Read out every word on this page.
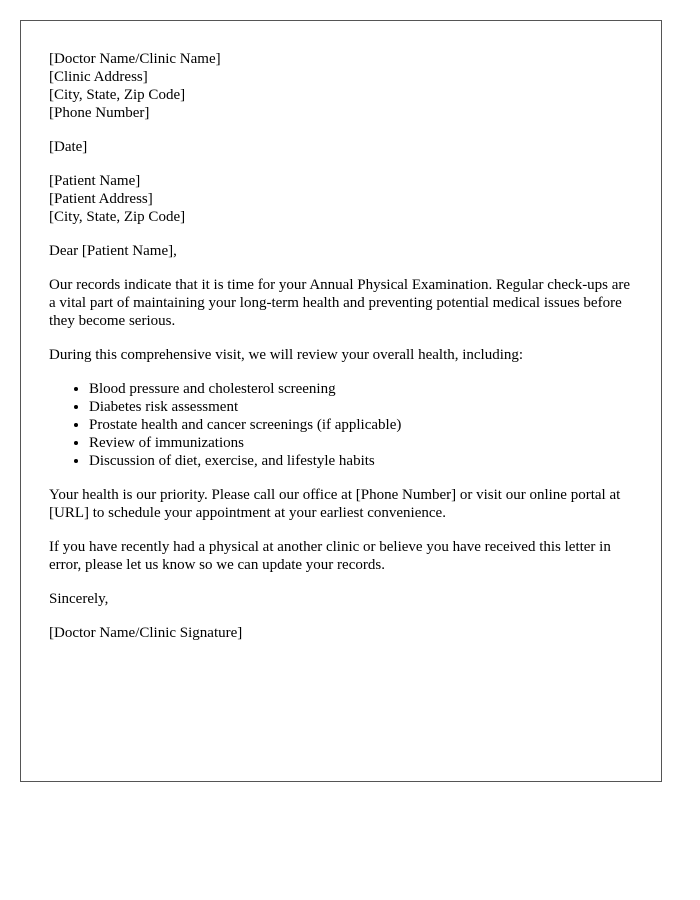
[Doctor Name/Clinic Name]
[Clinic Address]
[City, State, Zip Code]
[Phone Number]

[Date]

[Patient Name]
[Patient Address]
[City, State, Zip Code]

Dear [Patient Name],

Our records indicate that it is time for your Annual Physical Examination. Regular check-ups are a vital part of maintaining your long-term health and preventing potential medical issues before they become serious.

During this comprehensive visit, we will review your overall health, including:

• Blood pressure and cholesterol screening
• Diabetes risk assessment
• Prostate health and cancer screenings (if applicable)
• Review of immunizations
• Discussion of diet, exercise, and lifestyle habits

Your health is our priority. Please call our office at [Phone Number] or visit our online portal at [URL] to schedule your appointment at your earliest convenience.

If you have recently had a physical at another clinic or believe you have received this letter in error, please let us know so we can update your records.

Sincerely,

[Doctor Name/Clinic Signature]
